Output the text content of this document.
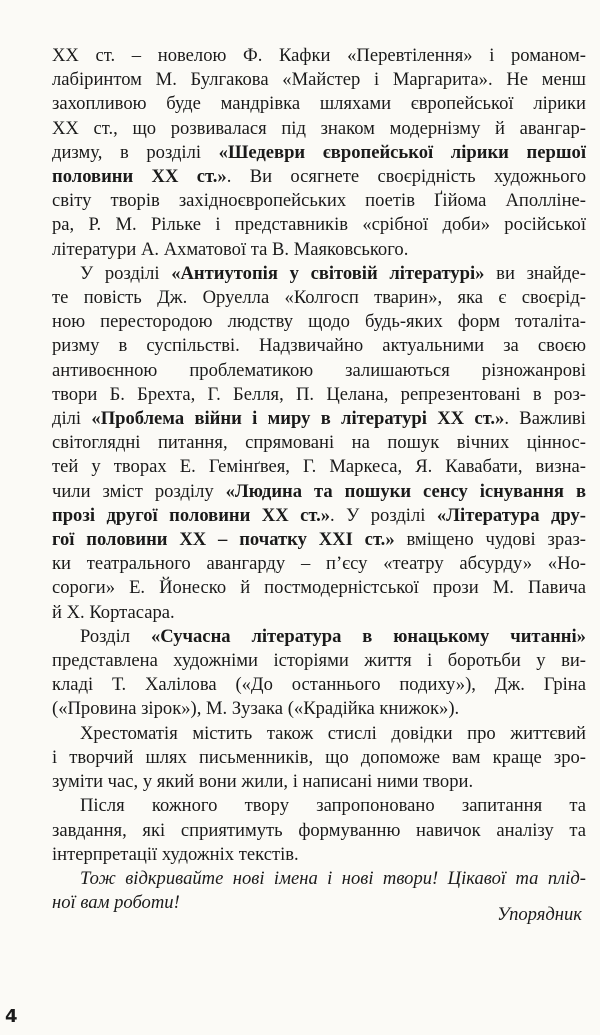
XX ст. – новелою Ф. Кафки «Перевтілення» і романом-
лабіринтом М. Булгакова «Майстер і Маргарита». Не менш
захопливою буде мандрівка шляхами європейської лірики
XX ст., що розвивалася під знаком модернізму й авангар-
дизму, в розділі «Шедеври європейської лірики першої
половини XX ст.». Ви осягнете своєрідність художнього
світу творів західноєвропейських поетів Ґійома Аполліне-
ра, Р. М. Рільке і представників «срібної доби» російської
літератури А. Ахматової та В. Маяковського.

У розділі «Антиутопія у світовій літературі» ви знайде-
те повість Дж. Оруелла «Колгосп тварин», яка є своєрід-
ною перестородою людству щодо будь-яких форм тоталіта-
ризму в суспільстві. Надзвичайно актуальними за своєю
антивоєнною проблематикою залишаються різножанрові
твори Б. Брехта, Г. Белля, П. Целана, репрезентовані в роз-
ділі «Проблема війни і миру в літературі XX ст.». Важливі
світоглядні питання, спрямовані на пошук вічних ціннос-
тей у творах Е. Гемінґвея, Г. Маркеса, Я. Кавабати, визна-
чили зміст розділу «Людина та пошуки сенсу існування в
прозі другої половини XX ст.». У розділі «Література дру-
гої половини XX – початку XXI ст.» вміщено чудові зраз-
ки театрального авангарду – п’єсу «театру абсурду» «Но-
сороги» Е. Йонеско й постмодерністської прози М. Павича
й Х. Кортасара.

Розділ «Сучасна література в юнацькому читанні»
представлена художніми історіями життя і боротьби у ви-
кладі Т. Халілова («До останнього подиху»), Дж. Гріна
(«Провина зірок»), М. Зузака («Крадійка книжок»).

Хрестоматія містить також стислі довідки про життєвий
і творчий шлях письменників, що допоможе вам краще зро-
зуміти час, у який вони жили, і написані ними твори.

Після кожного твору запропоновано запитання та
завдання, які сприятимуть формуванню навичок аналізу та
інтерпретації художніх текстів.

Тож відкривайте нові імена і нові твори! Цікавої та плід-
ної вам роботи!

Упорядник
4
